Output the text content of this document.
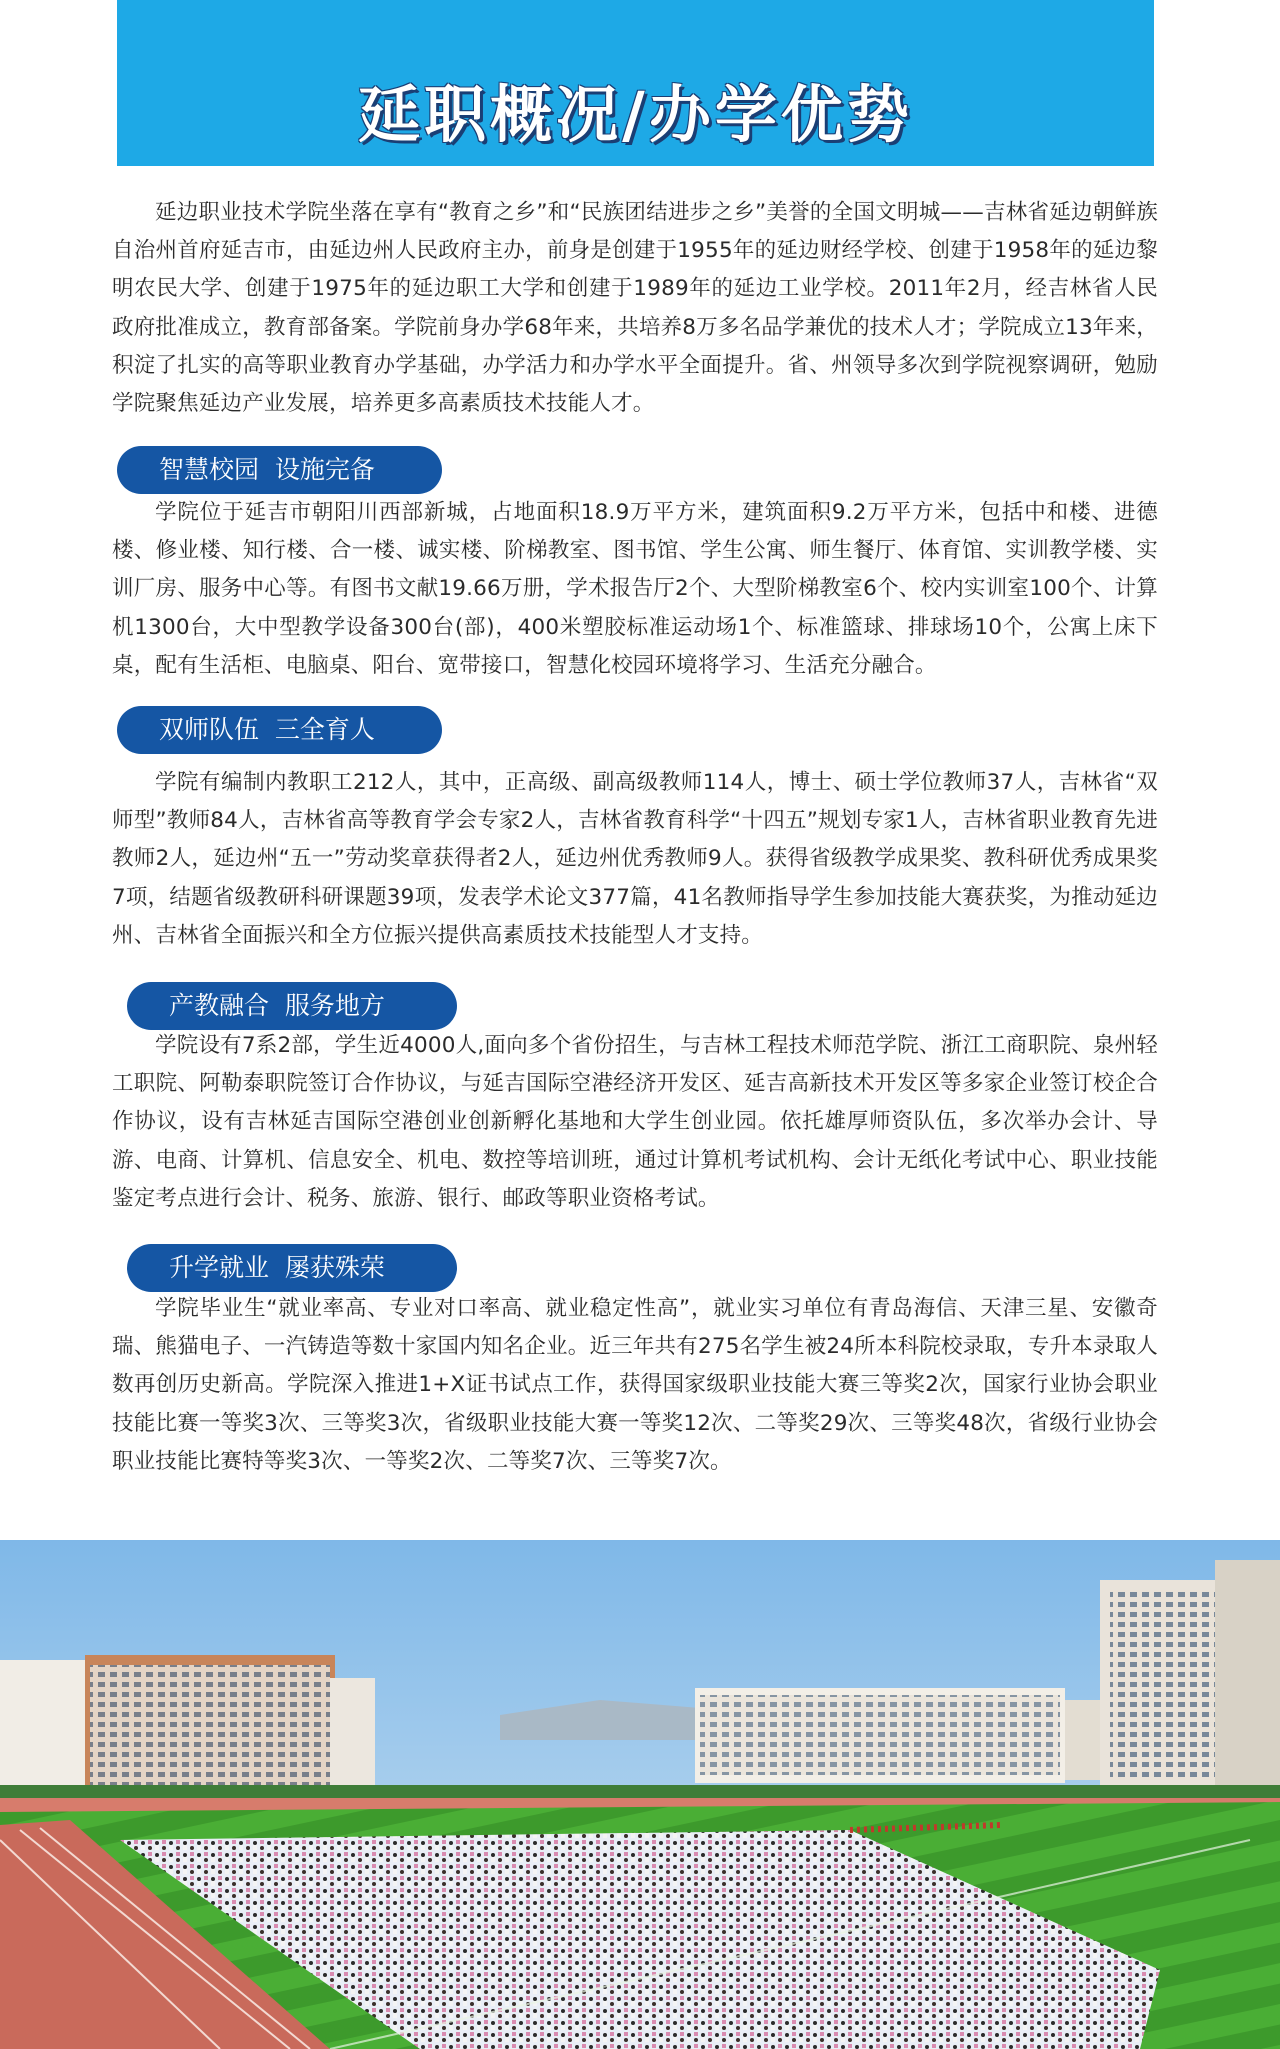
延职概况/办学优势

延边职业技术学院坐落在享有“教育之乡”和“民族团结进步之乡”美誉的全国文明城——吉林省延边朝鲜族自治州首府延吉市，由延边州人民政府主办，前身是创建于1955年的延边财经学校、创建于1958年的延边黎明农民大学、创建于1975年的延边职工大学和创建于1989年的延边工业学校。2011年2月，经吉林省人民政府批准成立，教育部备案。学院前身办学68年来，共培养8万多名品学兼优的技术人才；学院成立13年来，积淀了扎实的高等职业教育办学基础，办学活力和办学水平全面提升。省、州领导多次到学院视察调研，勉励学院聚焦延边产业发展，培养更多高素质技术技能人才。

智慧校园  设施完备

学院位于延吉市朝阳川西部新城，占地面积18.9万平方米，建筑面积9.2万平方米，包括中和楼、进德楼、修业楼、知行楼、合一楼、诚实楼、阶梯教室、图书馆、学生公寓、师生餐厅、体育馆、实训教学楼、实训厂房、服务中心等。有图书文献19.66万册，学术报告厅2个、大型阶梯教室6个、校内实训室100个、计算机1300台，大中型教学设备300台(部)，400米塑胶标准运动场1个、标准篮球、排球场10个，公寓上床下桌，配有生活柜、电脑桌、阳台、宽带接口，智慧化校园环境将学习、生活充分融合。

双师队伍  三全育人

学院有编制内教职工212人，其中，正高级、副高级教师114人，博士、硕士学位教师37人，吉林省“双师型”教师84人，吉林省高等教育学会专家2人，吉林省教育科学“十四五”规划专家1人，吉林省职业教育先进教师2人，延边州“五一”劳动奖章获得者2人，延边州优秀教师9人。获得省级教学成果奖、教科研优秀成果奖7项，结题省级教研科研课题39项，发表学术论文377篇，41名教师指导学生参加技能大赛获奖，为推动延边州、吉林省全面振兴和全方位振兴提供高素质技术技能型人才支持。

产教融合  服务地方

学院设有7系2部，学生近4000人,面向多个省份招生，与吉林工程技术师范学院、浙江工商职院、泉州轻工职院、阿勒泰职院签订合作协议，与延吉国际空港经济开发区、延吉高新技术开发区等多家企业签订校企合作协议，设有吉林延吉国际空港创业创新孵化基地和大学生创业园。依托雄厚师资队伍，多次举办会计、导游、电商、计算机、信息安全、机电、数控等培训班，通过计算机考试机构、会计无纸化考试中心、职业技能鉴定考点进行会计、税务、旅游、银行、邮政等职业资格考试。

升学就业  屡获殊荣

学院毕业生“就业率高、专业对口率高、就业稳定性高”，就业实习单位有青岛海信、天津三星、安徽奇瑞、熊猫电子、一汽铸造等数十家国内知名企业。近三年共有275名学生被24所本科院校录取，专升本录取人数再创历史新高。学院深入推进1+X证书试点工作，获得国家级职业技能大赛三等奖2次，国家行业协会职业技能比赛一等奖3次、三等奖3次，省级职业技能大赛一等奖12次、二等奖29次、三等奖48次，省级行业协会职业技能比赛特等奖3次、一等奖2次、二等奖7次、三等奖7次。
